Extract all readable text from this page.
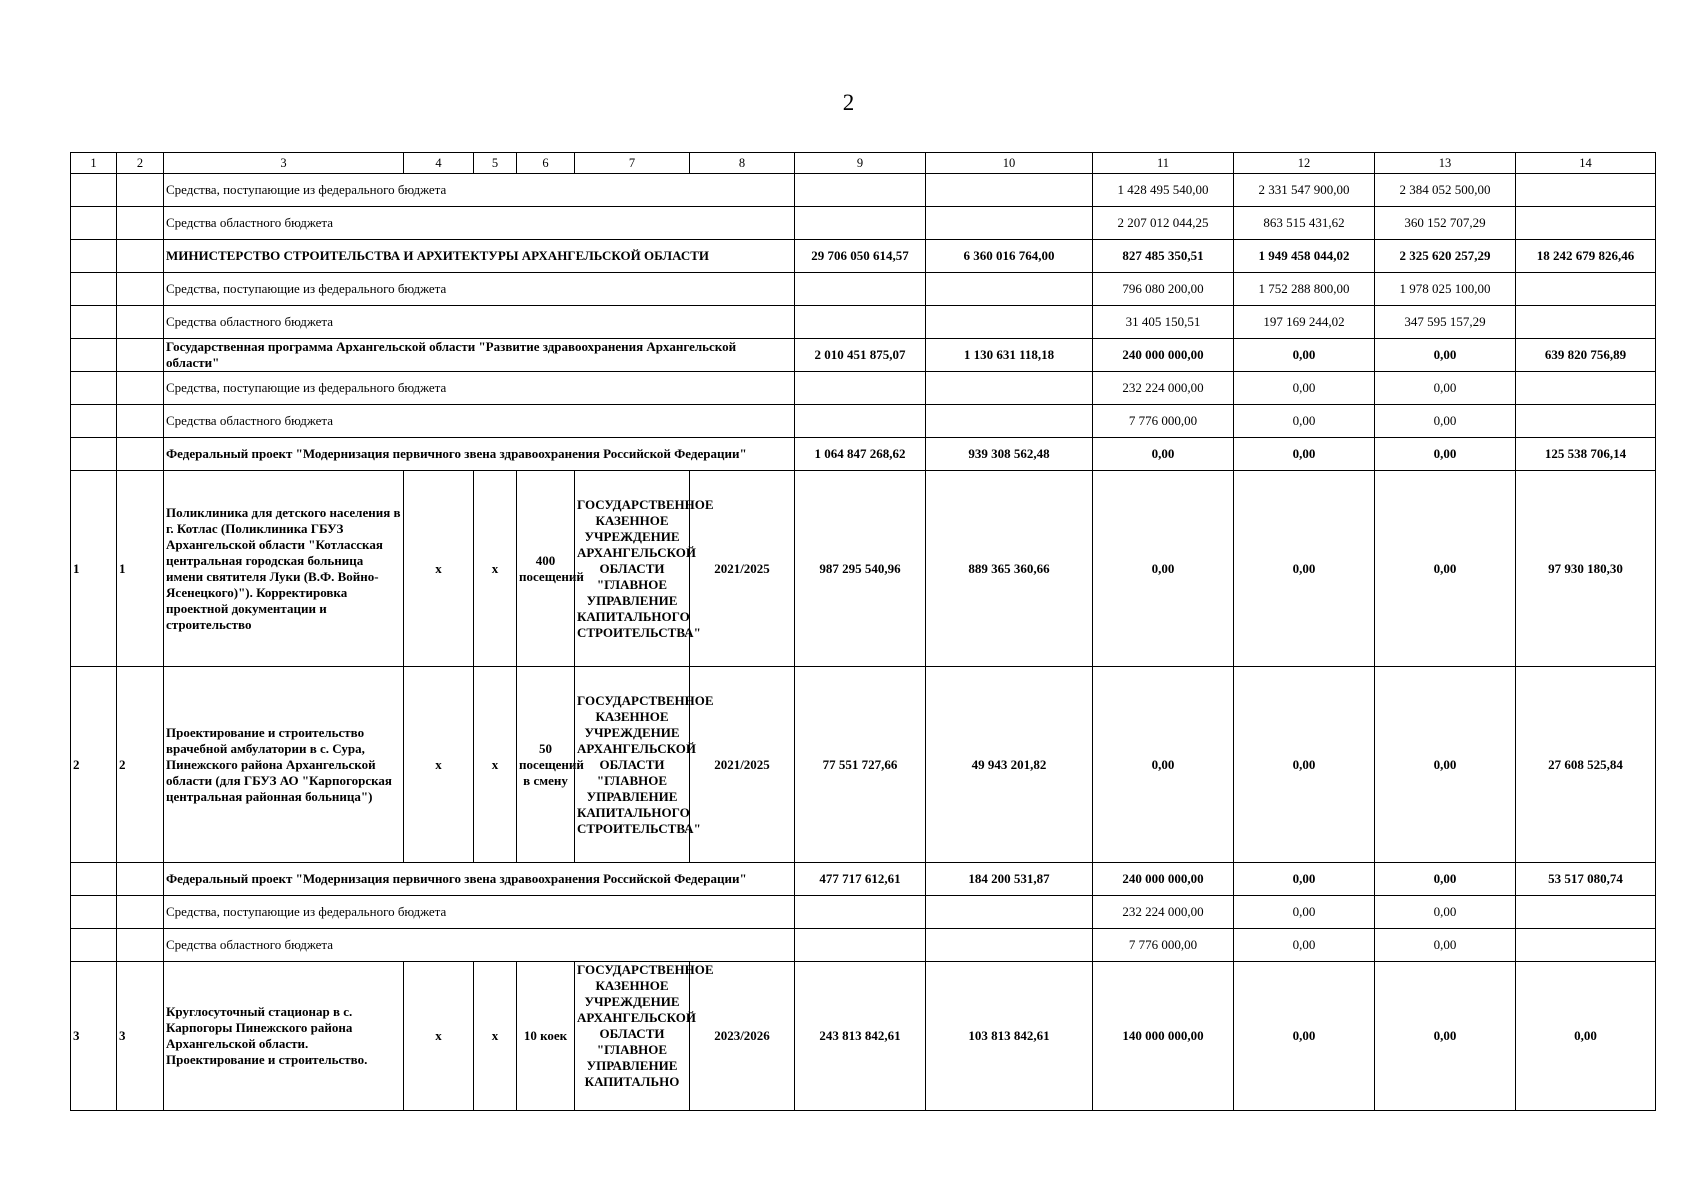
2
1	2	3	4	5	6	7	8	9	10	11	12	13	14
		Средства, поступающие из федерального бюджета								1 428 495 540,00	2 331 547 900,00	2 384 052 500,00	
		Средства областного бюджета								2 207 012 044,25	863 515 431,62	360 152 707,29	
		МИНИСТЕРСТВО СТРОИТЕЛЬСТВА И АРХИТЕКТУРЫ АРХАНГЕЛЬСКОЙ ОБЛАСТИ						29 706 050 614,57	6 360 016 764,00	827 485 350,51	1 949 458 044,02	2 325 620 257,29	18 242 679 826,46
		Средства, поступающие из федерального бюджета								796 080 200,00	1 752 288 800,00	1 978 025 100,00	
		Средства областного бюджета								31 405 150,51	197 169 244,02	347 595 157,29	
		Государственная программа Архангельской области "Развитие здравоохранения Архангельской области"						2 010 451 875,07	1 130 631 118,18	240 000 000,00	0,00	0,00	639 820 756,89
		Средства, поступающие из федерального бюджета								232 224 000,00	0,00	0,00	
		Средства областного бюджета								7 776 000,00	0,00	0,00	
		Федеральный проект "Модернизация первичного звена здравоохранения Российской Федерации"						1 064 847 268,62	939 308 562,48	0,00	0,00	0,00	125 538 706,14
1	1	Поликлиника для детского населения в г. Котлас (Поликлиника ГБУЗ Архангельской области "Котласская центральная городская больница имени святителя Луки (В.Ф. Войно-Ясенецкого)"). Корректировка проектной документации и строительство	х	х	400 посещений	ГОСУДАРСТВЕННОЕ КАЗЕННОЕ УЧРЕЖДЕНИЕ АРХАНГЕЛЬСКОЙ ОБЛАСТИ "ГЛАВНОЕ УПРАВЛЕНИЕ КАПИТАЛЬНОГО СТРОИТЕЛЬСТВА"	2021/2025	987 295 540,96	889 365 360,66	0,00	0,00	0,00	97 930 180,30
2	2	Проектирование и строительство врачебной амбулатории в с. Сура, Пинежского района Архангельской области (для ГБУЗ АО "Карпогорская центральная районная больница")	х	х	50 посещений в смену	ГОСУДАРСТВЕННОЕ КАЗЕННОЕ УЧРЕЖДЕНИЕ АРХАНГЕЛЬСКОЙ ОБЛАСТИ "ГЛАВНОЕ УПРАВЛЕНИЕ КАПИТАЛЬНОГО СТРОИТЕЛЬСТВА"	2021/2025	77 551 727,66	49 943 201,82	0,00	0,00	0,00	27 608 525,84
		Федеральный проект "Модернизация первичного звена здравоохранения Российской Федерации"						477 717 612,61	184 200 531,87	240 000 000,00	0,00	0,00	53 517 080,74
		Средства, поступающие из федерального бюджета								232 224 000,00	0,00	0,00	
		Средства областного бюджета								7 776 000,00	0,00	0,00	
3	3	Круглосуточный стационар в с. Карпогоры Пинежского района Архангельской области. Проектирование и строительство.	х	х	10 коек	ГОСУДАРСТВЕННОЕ КАЗЕННОЕ УЧРЕЖДЕНИЕ АРХАНГЕЛЬСКОЙ ОБЛАСТИ "ГЛАВНОЕ УПРАВЛЕНИЕ КАПИТАЛЬНО	2023/2026	243 813 842,61	103 813 842,61	140 000 000,00	0,00	0,00	0,00
